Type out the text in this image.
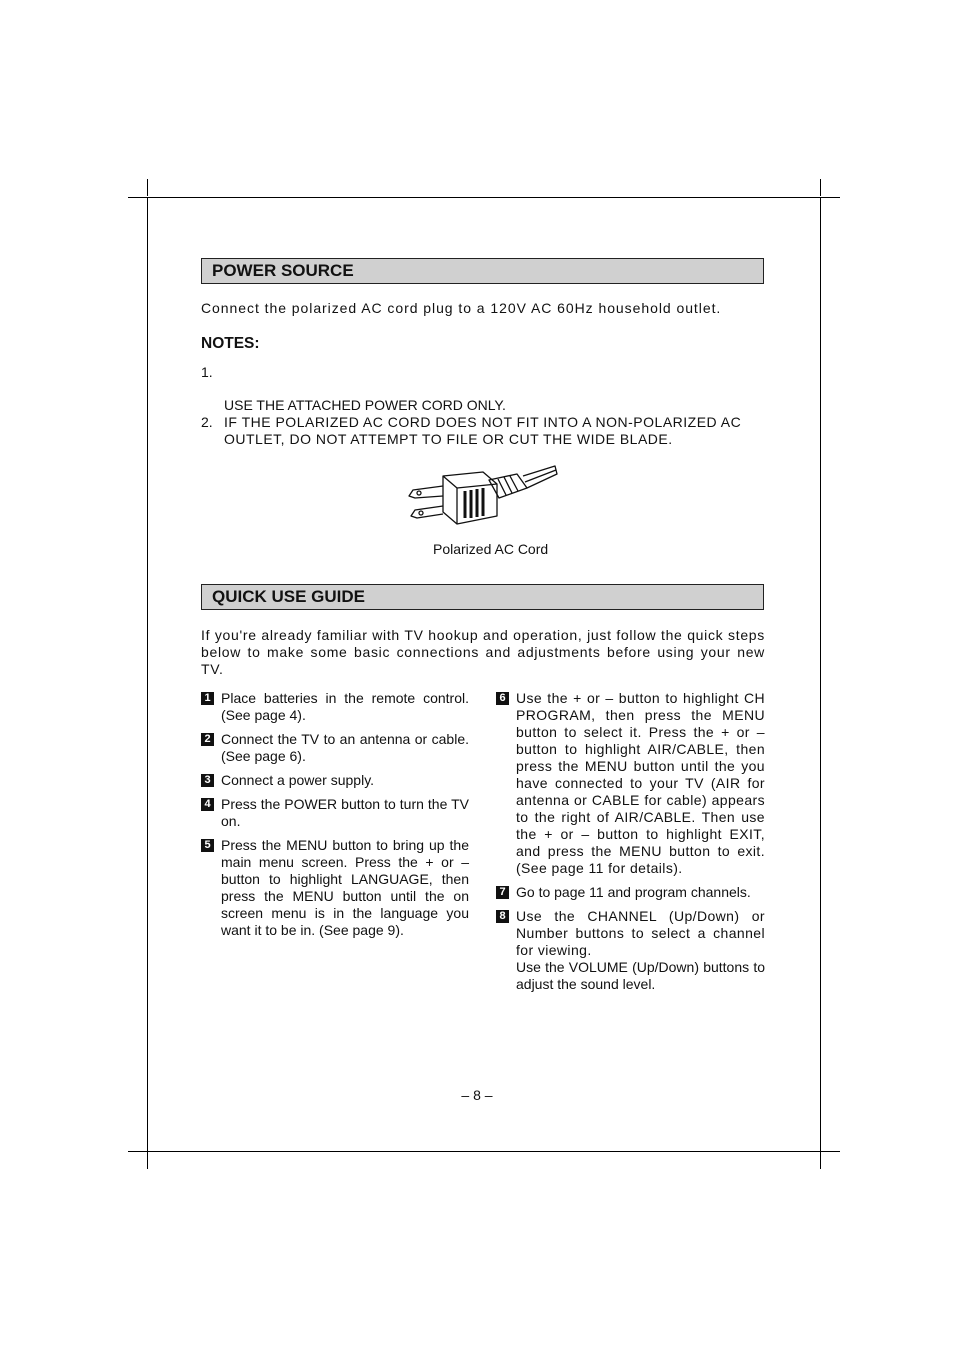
POWER SOURCE
Connect the polarized AC cord plug to a 120V AC 60Hz household outlet.
NOTES:
1.
USE THE ATTACHED POWER CORD ONLY.
2. IF THE POLARIZED AC CORD DOES NOT FIT INTO A NON-POLARIZED AC
OUTLET, DO NOT ATTEMPT TO FILE OR CUT THE WIDE BLADE.
Polarized AC Cord
QUICK USE GUIDE
If you're already familiar with TV hookup and operation, just follow the quick steps below to make some basic connections and adjustments before using your new TV.
1 Place batteries in the remote control. (See page 4).
2 Connect the TV to an antenna or cable. (See page 6).
3 Connect a power supply.
4 Press the POWER button to turn the TV on.
5 Press the MENU button to bring up the main menu screen. Press the + or – button to highlight LANGUAGE, then press the MENU button until the on screen menu is in the language you want it to be in. (See page 9).
6 Use the + or – button to highlight CH PROGRAM, then press the MENU button to select it. Press the + or – button to highlight AIR/CABLE, then press the MENU button until the you have connected to your TV (AIR for antenna or CABLE for cable) appears to the right of AIR/CABLE. Then use the + or – button to highlight EXIT, and press the MENU button to exit. (See page 11 for details).
7 Go to page 11 and program channels.
8 Use the CHANNEL (Up/Down) or Number buttons to select a channel for viewing.
Use the VOLUME (Up/Down) buttons to adjust the sound level.
– 8 –
